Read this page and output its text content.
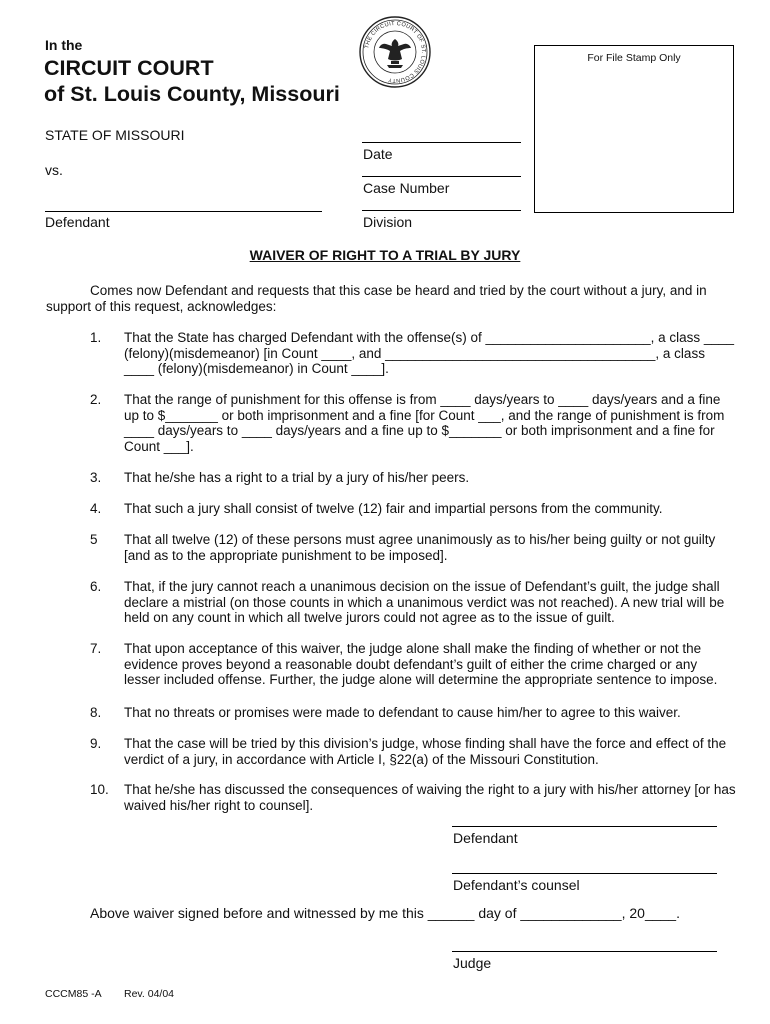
In the
CIRCUIT COURT
of St. Louis County, Missouri
THE CIRCUIT COURT OF ST. LOUIS COUNTY
For File Stamp Only
STATE OF MISSOURI
vs.
Defendant
Date
Case Number
Division
WAIVER OF RIGHT TO A TRIAL BY JURY
Comes now Defendant and requests that this case be heard and tried by the court without a jury, and in support of this request, acknowledges:
1.	That the State has charged Defendant with the offense(s) of ______________________, a class ____ (felony)(misdemeanor) [in Count ____, and ____________________________________, a class ____ (felony)(misdemeanor) in Count ____].
2.	That the range of punishment for this offense is from ____ days/years to ____ days/years and a fine up to $_______ or both imprisonment and a fine [for Count ___, and the range of punishment is from ____ days/years to ____ days/years and a fine up to $_______ or both imprisonment and a fine for Count ___].
3.	That he/she has a right to a trial by a jury of his/her peers.
4.	That such a jury shall consist of twelve (12) fair and impartial persons from the community.
5	That all twelve (12) of these persons must agree unanimously as to his/her being guilty or not guilty [and as to the appropriate punishment to be imposed].
6.	That, if the jury cannot reach a unanimous decision on the issue of Defendant’s guilt, the judge shall declare a mistrial (on those counts in which a unanimous verdict was not reached). A new trial will be held on any count in which all twelve jurors could not agree as to the issue of guilt.
7.	That upon acceptance of this waiver, the judge alone shall make the finding of whether or not the evidence proves beyond a reasonable doubt defendant’s guilt of either the crime charged or any lesser included offense. Further, the judge alone will determine the appropriate sentence to impose.
8.	That no threats or promises were made to defendant to cause him/her to agree to this waiver.
9.	That the case will be tried by this division’s judge, whose finding shall have the force and effect of the verdict of a jury, in accordance with Article I, §22(a) of the Missouri Constitution.
10.	That he/she has discussed the consequences of waiving the right to a jury with his/her attorney [or has waived his/her right to counsel].
Defendant
Defendant’s counsel
Above waiver signed before and witnessed by me this ______ day of _____________, 20____.
Judge
CCCM85 -A Rev. 04/04
